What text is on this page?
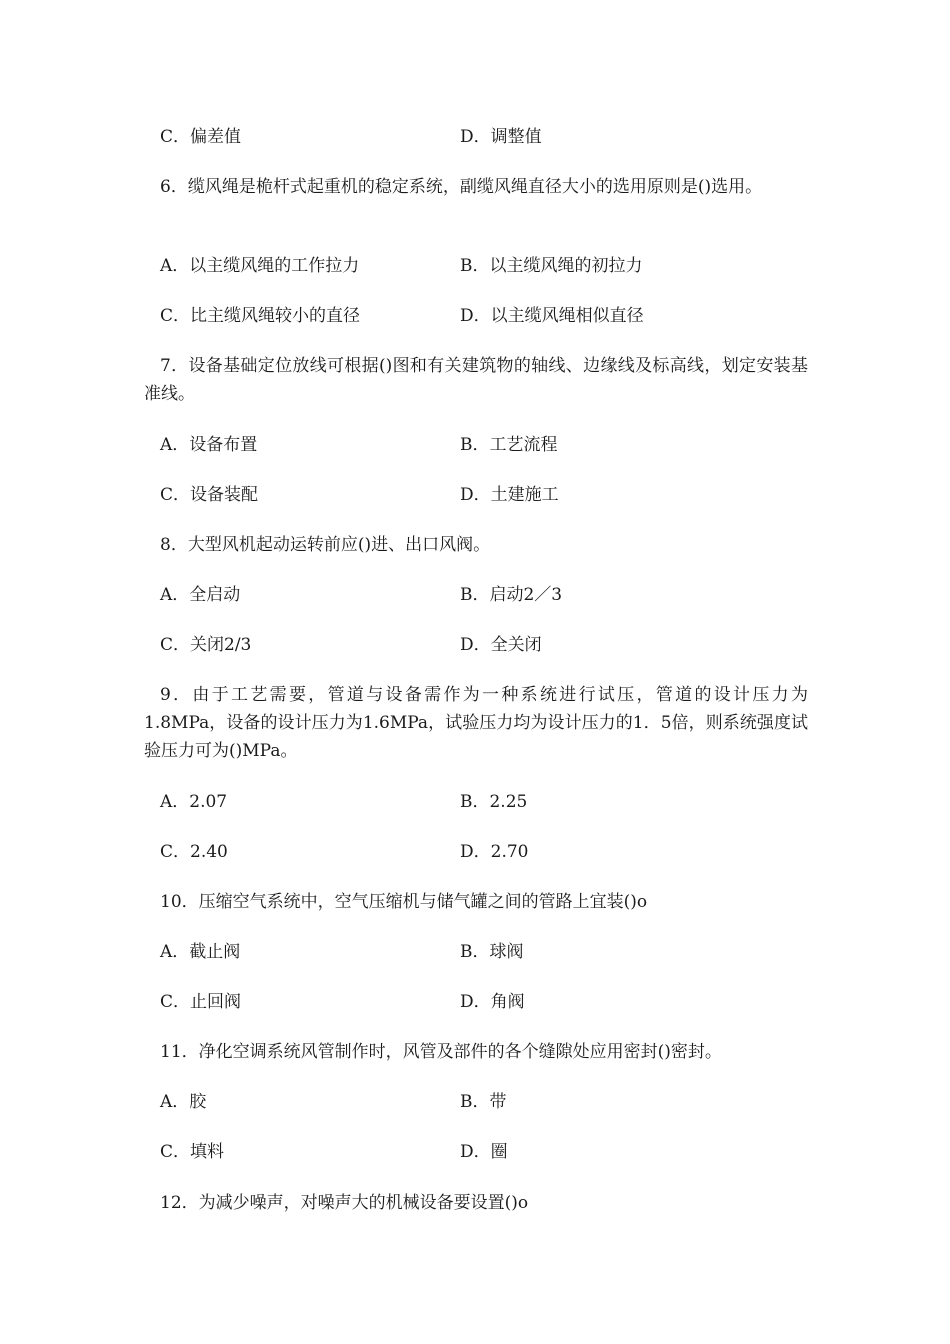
C．偏差值	D．调整值
6．缆风绳是桅杆式起重机的稳定系统，副缆风绳直径大小的选用原则是()选用。
A．以主缆风绳的工作拉力	B．以主缆风绳的初拉力
C．比主缆风绳较小的直径	D．以主缆风绳相似直径
7．设备基础定位放线可根据()图和有关建筑物的轴线、边缘线及标高线，划定安装基准线。
A．设备布置	B．工艺流程
C．设备装配	D．土建施工
8．大型风机起动运转前应()进、出口风阀。
A．全启动	B．启动2／3
C．关闭2/3	D．全关闭
9．由于工艺需要，管道与设备需作为一种系统进行试压，管道的设计压力为1.8MPa，设备的设计压力为1.6MPa，试验压力均为设计压力的1．5倍，则系统强度试验压力可为()MPa。
A．2.07	B．2.25
C．2.40	D．2.70
10．压缩空气系统中，空气压缩机与储气罐之间的管路上宜装()o
A．截止阀	B．球阀
C．止回阀	D．角阀
11．净化空调系统风管制作时，风管及部件的各个缝隙处应用密封()密封。
A．胶	B．带
C．填料	D．圈
12．为减少噪声，对噪声大的机械设备要设置()o
